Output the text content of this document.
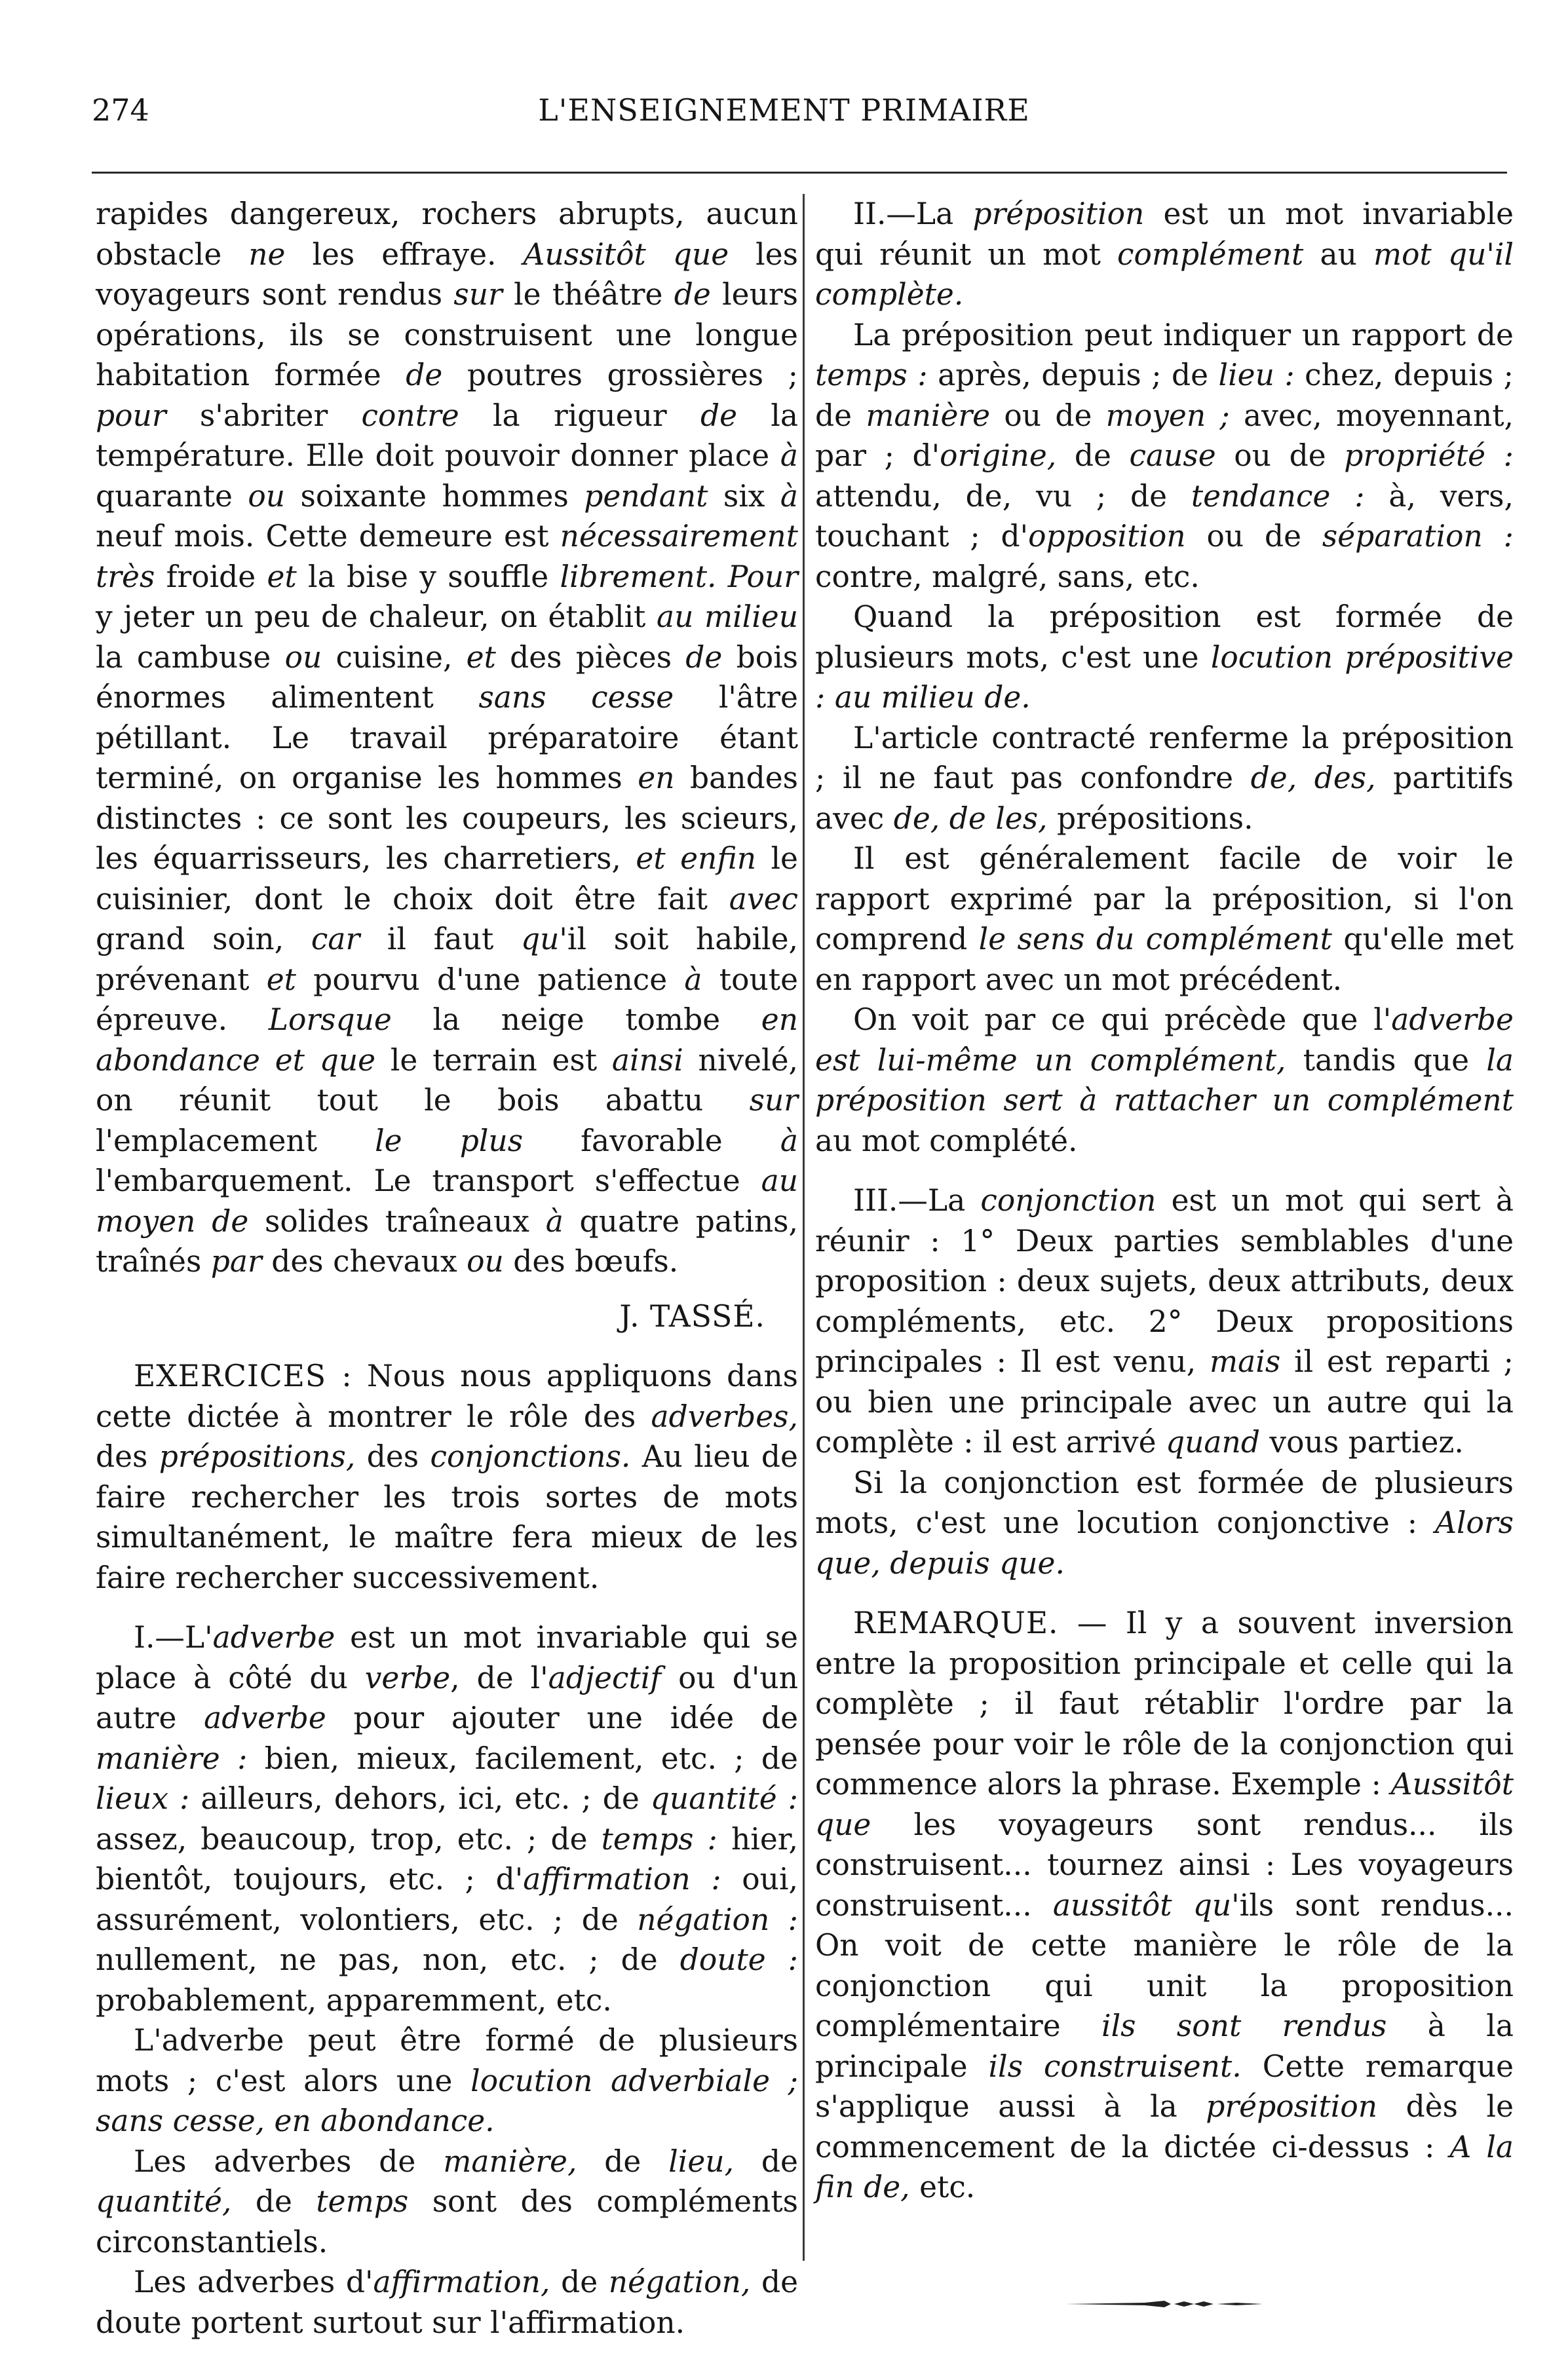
274	L'ENSEIGNEMENT PRIMAIRE

rapides dangereux, rochers abrupts, aucun obstacle ne les effraye. Aussitôt que les voyageurs sont rendus sur le théâtre de leurs opérations, ils se construisent une longue habitation formée de poutres grossières ; pour s'abriter contre la rigueur de la température. Elle doit pouvoir donner place à quarante ou soixante hommes pendant six à neuf mois. Cette demeure est nécessairement très froide et la bise y souffle librement. Pour y jeter un peu de chaleur, on établit au milieu la cambuse ou cuisine, et des pièces de bois énormes alimentent sans cesse l'âtre pétillant. Le travail préparatoire étant terminé, on organise les hommes en bandes distinctes : ce sont les coupeurs, les scieurs, les équarrisseurs, les charretiers, et enfin le cuisinier, dont le choix doit être fait avec grand soin, car il faut qu'il soit habile, prévenant et pourvu d'une patience à toute épreuve. Lorsque la neige tombe en abondance et que le terrain est ainsi nivelé, on réunit tout le bois abattu sur l'emplacement le plus favorable à l'embarquement. Le transport s'effectue au moyen de solides traîneaux à quatre patins, traînés par des chevaux ou des bœufs.

J. TASSÉ.

EXERCICES : Nous nous appliquons dans cette dictée à montrer le rôle des adverbes, des prépositions, des conjonctions. Au lieu de faire rechercher les trois sortes de mots simultanément, le maître fera mieux de les faire rechercher successivement.

I.—L'adverbe est un mot invariable qui se place à côté du verbe, de l'adjectif ou d'un autre adverbe pour ajouter une idée de manière : bien, mieux, facilement, etc. ; de lieux : ailleurs, dehors, ici, etc. ; de quantité : assez, beaucoup, trop, etc. ; de temps : hier, bientôt, toujours, etc. ; d'affirmation : oui, assurément, volontiers, etc. ; de négation : nullement, ne pas, non, etc. ; de doute : probablement, apparemment, etc.

L'adverbe peut être formé de plusieurs mots ; c'est alors une locution adverbiale ; sans cesse, en abondance.

Les adverbes de manière, de lieu, de quantité, de temps sont des compléments circonstantiels.

Les adverbes d'affirmation, de négation, de doute portent surtout sur l'affirmation.

II.—La préposition est un mot invariable qui réunit un mot complément au mot qu'il complète.

La préposition peut indiquer un rapport de temps : après, depuis ; de lieu : chez, depuis ; de manière ou de moyen ; avec, moyennant, par ; d'origine, de cause ou de propriété : attendu, de, vu ; de tendance : à, vers, touchant ; d'opposition ou de séparation : contre, malgré, sans, etc.

Quand la préposition est formée de plusieurs mots, c'est une locution prépositive : au milieu de.

L'article contracté renferme la préposition ; il ne faut pas confondre de, des, partitifs avec de, de les, prépositions.

Il est généralement facile de voir le rapport exprimé par la préposition, si l'on comprend le sens du complément qu'elle met en rapport avec un mot précédent.

On voit par ce qui précède que l'adverbe est lui-même un complément, tandis que la préposition sert à rattacher un complément au mot complété.

III.—La conjonction est un mot qui sert à réunir : 1° Deux parties semblables d'une proposition : deux sujets, deux attributs, deux compléments, etc. 2° Deux propositions principales : Il est venu, mais il est reparti ; ou bien une principale avec un autre qui la complète : il est arrivé quand vous partiez.

Si la conjonction est formée de plusieurs mots, c'est une locution conjonctive : Alors que, depuis que.

REMARQUE. — Il y a souvent inversion entre la proposition principale et celle qui la complète ; il faut rétablir l'ordre par la pensée pour voir le rôle de la conjonction qui commence alors la phrase. Exemple : Aussitôt que les voyageurs sont rendus... ils construisent... tournez ainsi : Les voyageurs construisent... aussitôt qu'ils sont rendus... On voit de cette manière le rôle de la conjonction qui unit la proposition complémentaire ils sont rendus à la principale ils construisent. Cette remarque s'applique aussi à la préposition dès le commencement de la dictée ci-dessus : A la fin de, etc.
